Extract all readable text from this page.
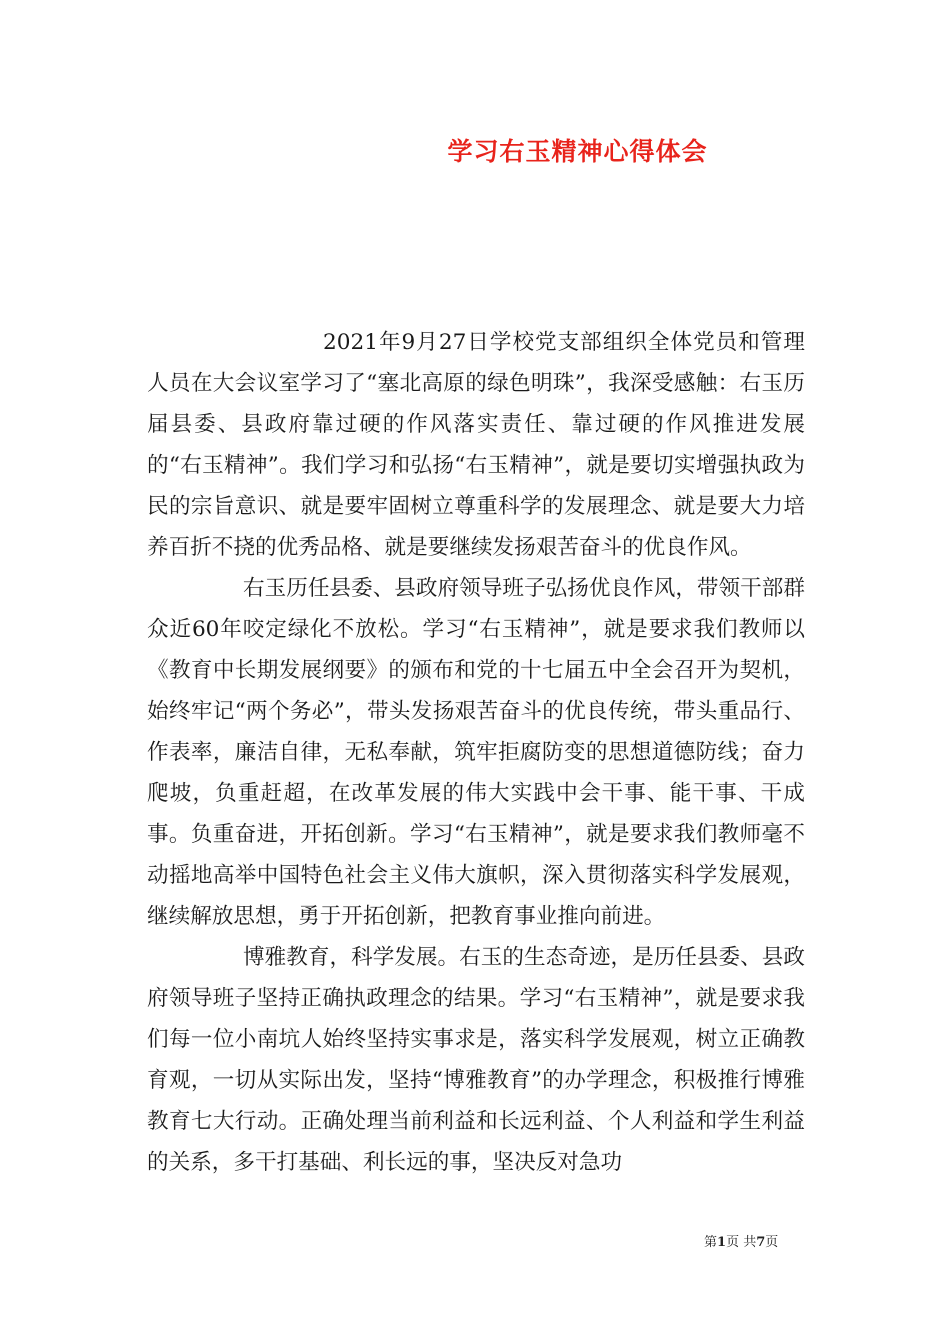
学习右玉精神心得体会

2021年9月27日学校党支部组织全体党员和管理人员在大会议室学习了“塞北高原的绿色明珠”，我深受感触：右玉历届县委、县政府靠过硬的作风落实责任、靠过硬的作风推进发展的“右玉精神”。我们学习和弘扬“右玉精神”，就是要切实增强执政为民的宗旨意识、就是要牢固树立尊重科学的发展理念、就是要大力培养百折不挠的优秀品格、就是要继续发扬艰苦奋斗的优良作风。

右玉历任县委、县政府领导班子弘扬优良作风，带领干部群众近60年咬定绿化不放松。学习“右玉精神”，就是要求我们教师以《教育中长期发展纲要》的颁布和党的十七届五中全会召开为契机，始终牢记“两个务必”，带头发扬艰苦奋斗的优良传统，带头重品行、作表率，廉洁自律，无私奉献，筑牢拒腐防变的思想道德防线；奋力爬坡，负重赶超，在改革发展的伟大实践中会干事、能干事、干成事。负重奋进，开拓创新。学习“右玉精神”，就是要求我们教师毫不动摇地高举中国特色社会主义伟大旗帜，深入贯彻落实科学发展观，继续解放思想，勇于开拓创新，把教育事业推向前进。

博雅教育，科学发展。右玉的生态奇迹，是历任县委、县政府领导班子坚持正确执政理念的结果。学习“右玉精神”，就是要求我们每一位小南坑人始终坚持实事求是，落实科学发展观，树立正确教育观，一切从实际出发，坚持“博雅教育”的办学理念，积极推行博雅教育七大行动。正确处理当前利益和长远利益、个人利益和学生利益的关系，多干打基础、利长远的事，坚决反对急功

第1页 共7页
